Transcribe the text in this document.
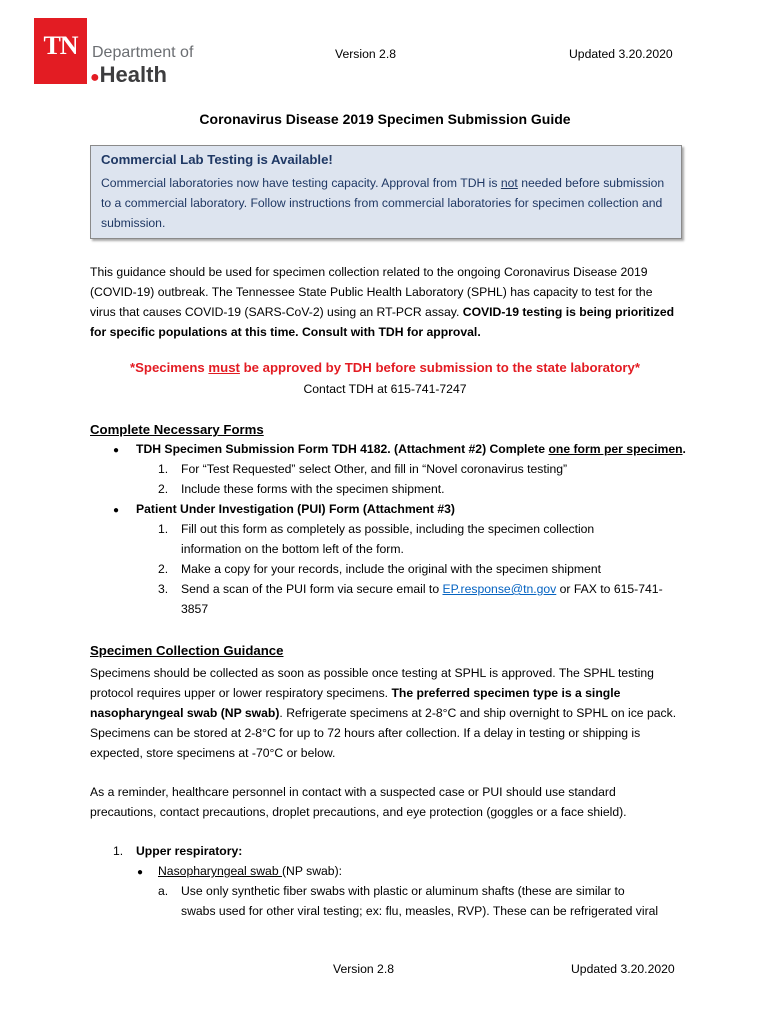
TN Department of
●Health
Version 2.8	Updated 3.20.2020
Coronavirus Disease 2019 Specimen Submission Guide
Commercial Lab Testing is Available!
Commercial laboratories now have testing capacity. Approval from TDH is not needed before submission to a commercial laboratory. Follow instructions from commercial laboratories for specimen collection and submission.
This guidance should be used for specimen collection related to the ongoing Coronavirus Disease 2019 (COVID-19) outbreak. The Tennessee State Public Health Laboratory (SPHL) has capacity to test for the virus that causes COVID-19 (SARS-CoV-2) using an RT-PCR assay. COVID-19 testing is being prioritized for specific populations at this time. Consult with TDH for approval.
*Specimens must be approved by TDH before submission to the state laboratory*
Contact TDH at 615-741-7247
Complete Necessary Forms
● TDH Specimen Submission Form TDH 4182. (Attachment #2) Complete one form per specimen.
1. For “Test Requested” select Other, and fill in “Novel coronavirus testing”
2. Include these forms with the specimen shipment.
● Patient Under Investigation (PUI) Form (Attachment #3)
1. Fill out this form as completely as possible, including the specimen collection
information on the bottom left of the form.
2. Make a copy for your records, include the original with the specimen shipment
3. Send a scan of the PUI form via secure email to EP.response@tn.gov or FAX to 615-741-
3857
Specimen Collection Guidance
Specimens should be collected as soon as possible once testing at SPHL is approved. The SPHL testing protocol requires upper or lower respiratory specimens. The preferred specimen type is a single nasopharyngeal swab (NP swab). Refrigerate specimens at 2-8°C and ship overnight to SPHL on ice pack. Specimens can be stored at 2-8°C for up to 72 hours after collection. If a delay in testing or shipping is expected, store specimens at -70°C or below.
As a reminder, healthcare personnel in contact with a suspected case or PUI should use standard precautions, contact precautions, droplet precautions, and eye protection (goggles or a face shield).
1. Upper respiratory:
● Nasopharyngeal swab (NP swab):
a. Use only synthetic fiber swabs with plastic or aluminum shafts (these are similar to
swabs used for other viral testing; ex: flu, measles, RVP). These can be refrigerated viral
Version 2.8	Updated 3.20.2020
